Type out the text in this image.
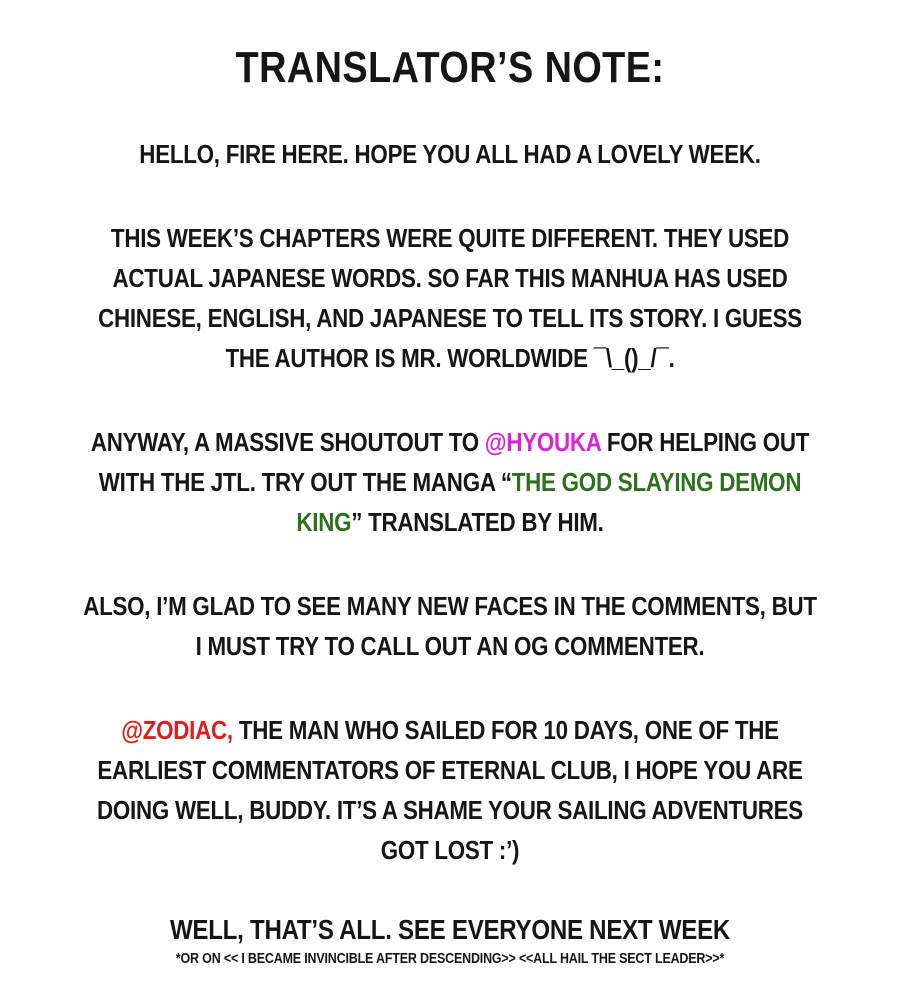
TRANSLATOR’S NOTE:

HELLO, FIRE HERE. HOPE YOU ALL HAD A LOVELY WEEK.

THIS WEEK’S CHAPTERS WERE QUITE DIFFERENT. THEY USED ACTUAL JAPANESE WORDS. SO FAR THIS MANHUA HAS USED CHINESE, ENGLISH, AND JAPANESE TO TELL ITS STORY. I GUESS THE AUTHOR IS MR. WORLDWIDE ¯\_()_/¯.

ANYWAY, A MASSIVE SHOUTOUT TO @HYOUKA FOR HELPING OUT WITH THE JTL. TRY OUT THE MANGA “THE GOD SLAYING DEMON KING” TRANSLATED BY HIM.

ALSO, I’M GLAD TO SEE MANY NEW FACES IN THE COMMENTS, BUT I MUST TRY TO CALL OUT AN OG COMMENTER.

@ZODIAC, THE MAN WHO SAILED FOR 10 DAYS, ONE OF THE EARLIEST COMMENTATORS OF ETERNAL CLUB, I HOPE YOU ARE DOING WELL, BUDDY. IT’S A SHAME YOUR SAILING ADVENTURES GOT LOST :’)

WELL, THAT’S ALL. SEE EVERYONE NEXT WEEK

*OR ON << I BECAME INVINCIBLE AFTER DESCENDING>> <<ALL HAIL THE SECT LEADER>>*
